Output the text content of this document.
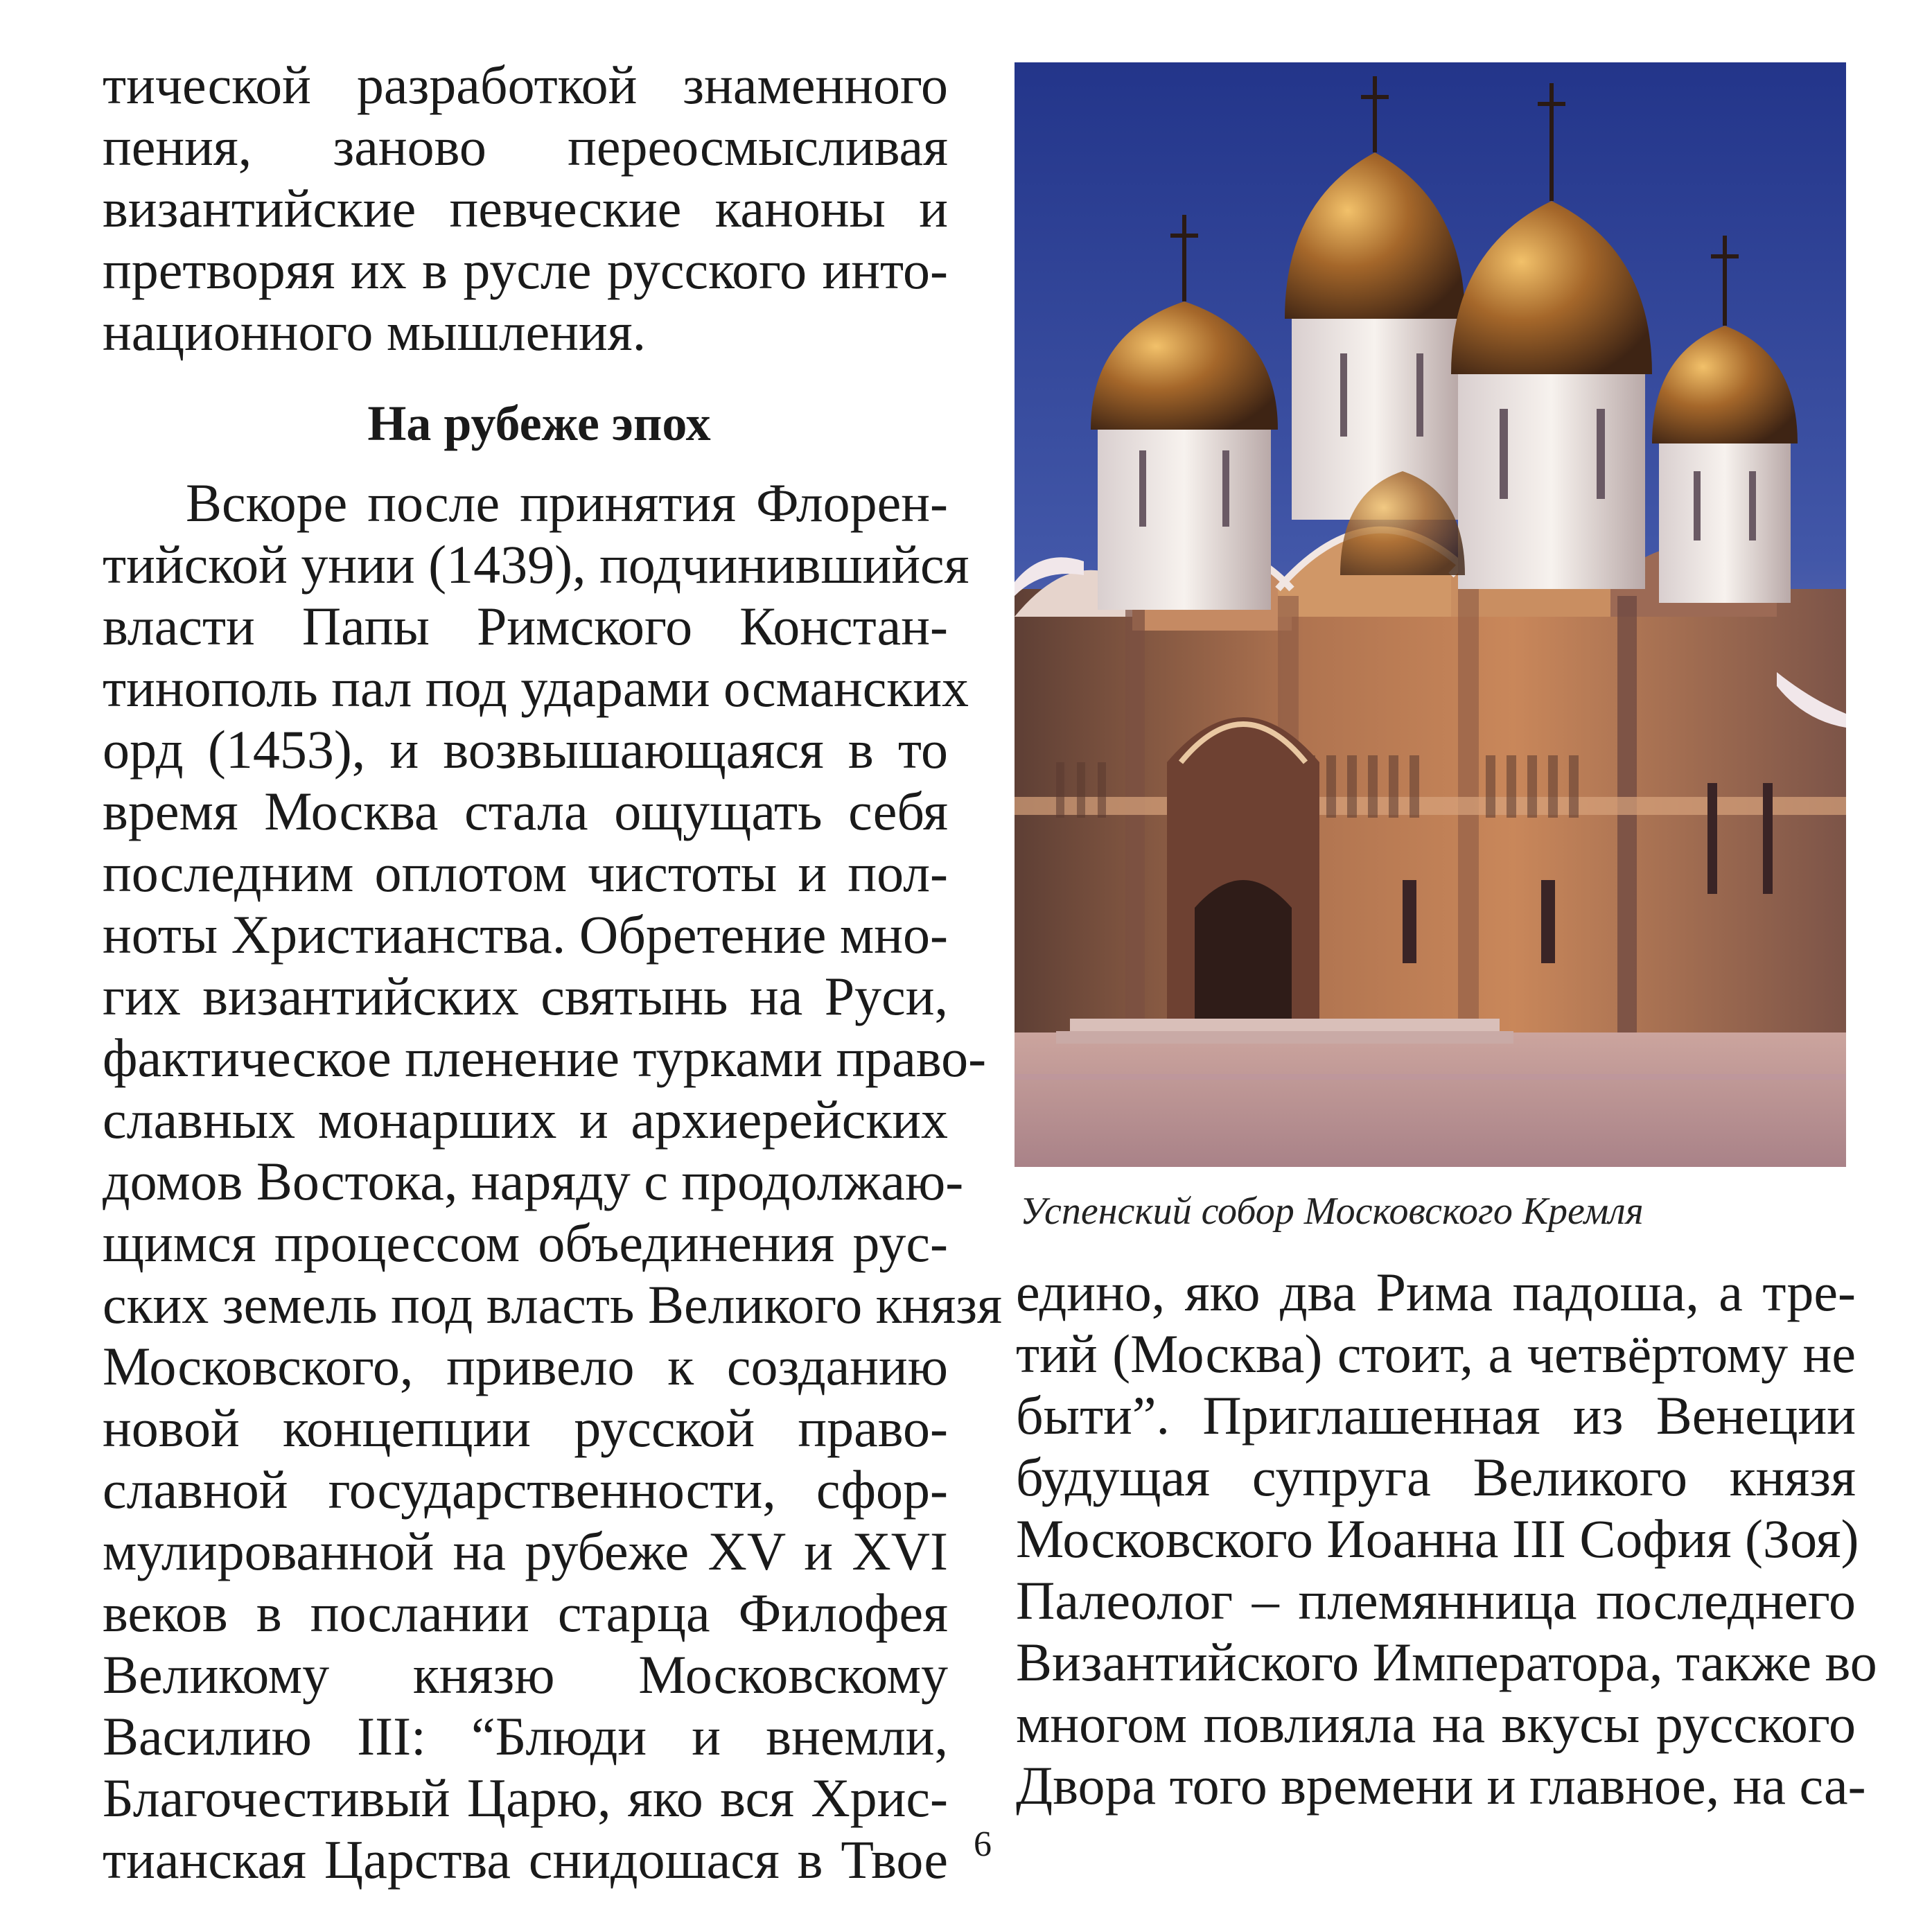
тической разработкой знаменного
пения, заново переосмысливая
византийские певческие каноны и
претворяя их в русле русского инто-
национного мышления.
На рубеже эпох
Вскоре после принятия Флорен-
тийской унии (1439), подчинившийся
власти Папы Римского Констан-
тинополь пал под ударами османских
орд (1453), и возвышающаяся в то
время Москва стала ощущать себя
последним оплотом чистоты и пол-
ноты Христианства. Обретение мно-
гих византийских святынь на Руси,
фактическое пленение турками право-
славных монарших и архиерейских
домов Востока, наряду с продолжаю-
щимся процессом объединения рус-
ских земель под власть Великого князя
Московского, привело к созданию
новой концепции русской право-
славной государственности, сфор-
мулированной на рубеже XV и XVI
веков в послании старца Филофея
Великому князю Московскому
Василию III: “Блюди и внемли,
Благочестивый Царю, яко вся Хрис-
тианская Царства снидошася в Твое
Успенский собор Московского Кремля
едино, яко два Рима падоша, а тре-
тий (Москва) стоит, а четвёртому не
быти”. Приглашенная из Венеции
будущая супруга Великого князя
Московского Иоанна III София (Зоя)
Палеолог – племянница последнего
Византийского Императора, также во
многом повлияла на вкусы русского
Двора того времени и главное, на са-
6
